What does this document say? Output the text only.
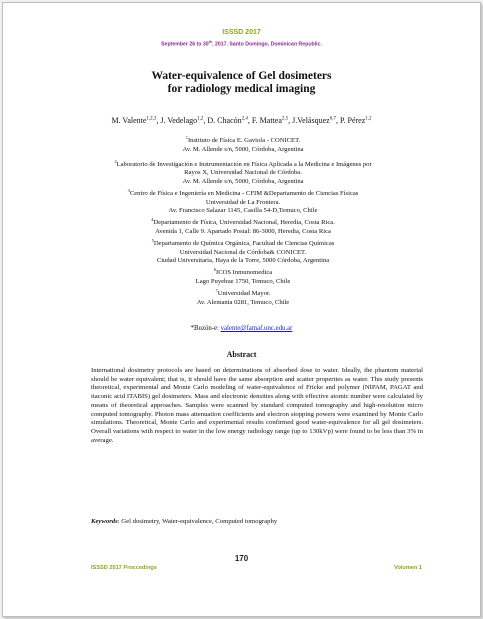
ISSSD 2017
September 26 to 30th, 2017. Santo Domingo, Dominican Republic.
Water-equivalence of Gel dosimeters
for radiology medical imaging
M. Valente$^{1,2,3}$, J. Vedelago$^{1,2}$, D. Chacón$^{2,4}$, F. Mattea$^{2,5}$, J.Velásquez$^{6,7}$, P. Pérez$^{1,2}$
$^1$Instituto de Física E. Gaviola - CONICET.
Av. M. Allende s/n, 5000, Córdoba, Argentina

$^2$Laboratorio de Investigación e Instrumentación en Física Aplicada a la Medicina e Imágenes por
Rayos X, Universidad Nacional de Córdoba.
Av. M. Allende s/n, 5000, Córdoba, Argentina
$^3$Centro de Física e Ingeniería en Medicina - CFIM &Departamento de Ciencias Físicas
Universidad de La Frontera.
Av. Francisco Salazar 1145, Casilla 54-D,Temuco, Chile
$^4$Departamento de Física, Universidad Nacional, Heredia, Costa Rica.
Avenida 1, Calle 9. Apartado Postal: 86-3000, Heredia, Costa Rica
$^5$Departamento de Química Orgánica, Facultad de Ciencias Químicas
Universidad Nacional de Córdoba& CONICET.
Ciudad Universitaria, Haya de la Torre, 5000 Córdoba, Argentina
$^6$ICOS Inmunomedica
Lago Puyehue 1750, Temuco, Chile
$^7$Universidad Mayor.
Av. Alemania 0281, Temuco, Chile
*Buzón-e: valente@famaf.unc.edu.ar
Abstract
International dosimetry protocols are based on determinations of absorbed dose to water. Ideally, the phantom material should be water equivalent; that is, it should have the same absorption and scatter properties as water. This study presents theoretical, experimental and Monte Carlo modeling of water-equivalence of Fricke and polymer (NIPAM, PAGAT and itaconic acid ITABIS) gel dosimeters. Mass and electronic densities along with effective atomic number were calculated by means of theoretical approaches. Samples were scanned by standard computed tomography and high-resolution micro computed tomography. Photon mass attenuation coefficients and electron stopping powers were examined by Monte Carlo simulations. Theoretical, Monte Carlo and experimental results confirmed good water-equivalence for all gel dosimeters. Overall variations with respect to water in the low energy radiology range (up to 130kVp) were found to be less than 3% in average.
Keywords: Gel dosimetry, Water-equivalence, Computed tomography
170
ISSSD 2017 Proccedings	Volumen 1
